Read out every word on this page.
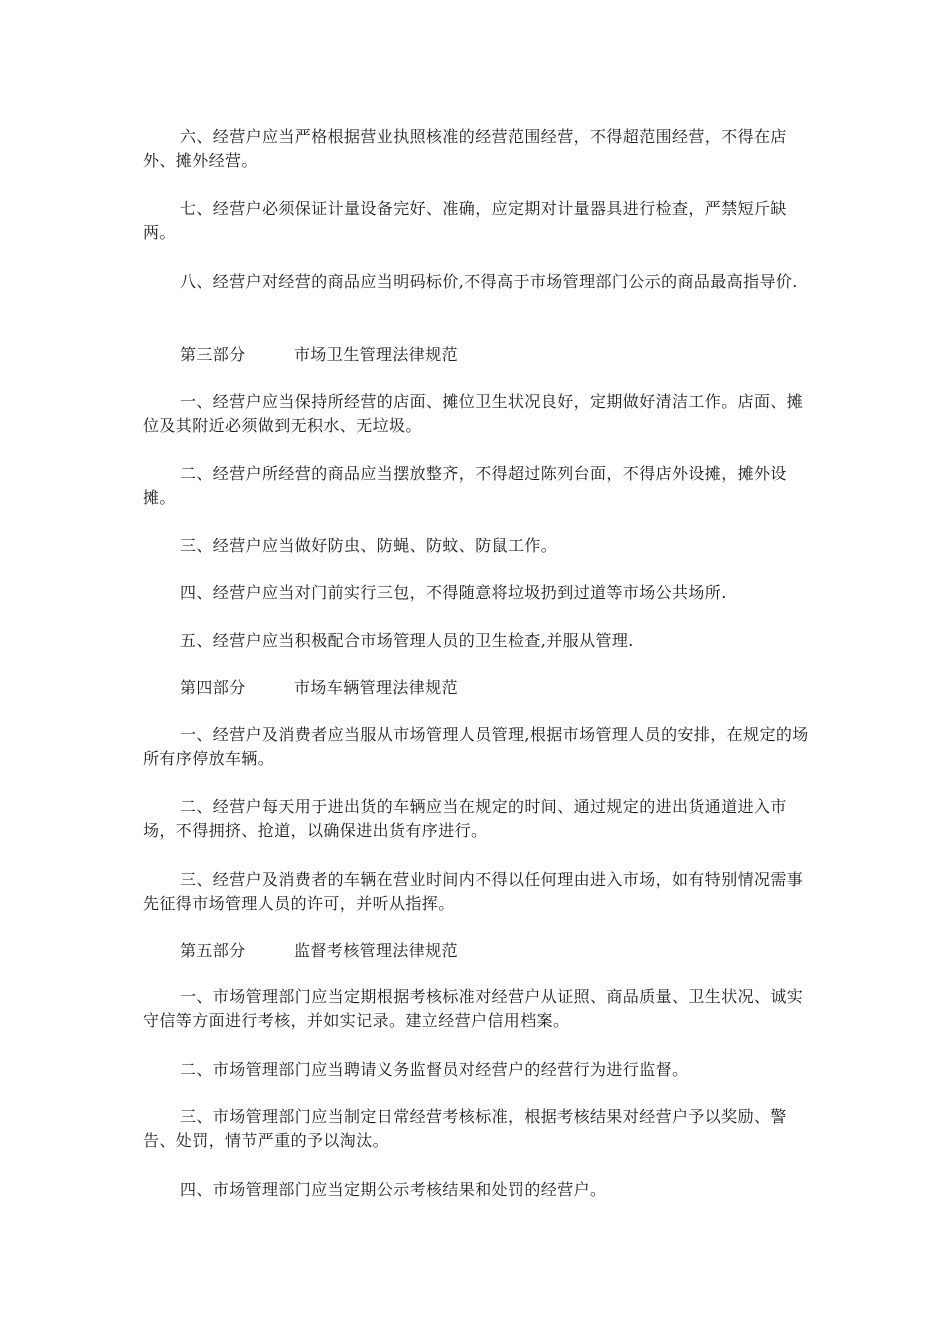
六、经营户应当严格根据营业执照核准的经营范围经营，不得超范围经营，不得在店外、摊外经营。

七、经营户必须保证计量设备完好、准确，应定期对计量器具进行检查，严禁短斤缺两。

八、经营户对经营的商品应当明码标价,不得高于市场管理部门公示的商品最高指导价.

第三部分	市场卫生管理法律规范

一、经营户应当保持所经营的店面、摊位卫生状况良好，定期做好清洁工作。店面、摊位及其附近必须做到无积水、无垃圾。

二、经营户所经营的商品应当摆放整齐，不得超过陈列台面，不得店外设摊，摊外设摊。

三、经营户应当做好防虫、防蝇、防蚊、防鼠工作。

四、经营户应当对门前实行三包，不得随意将垃圾扔到过道等市场公共场所.

五、经营户应当积极配合市场管理人员的卫生检查,并服从管理.

第四部分	市场车辆管理法律规范

一、经营户及消费者应当服从市场管理人员管理,根据市场管理人员的安排，在规定的场所有序停放车辆。

二、经营户每天用于进出货的车辆应当在规定的时间、通过规定的进出货通道进入市场，不得拥挤、抢道，以确保进出货有序进行。

三、经营户及消费者的车辆在营业时间内不得以任何理由进入市场，如有特别情况需事先征得市场管理人员的许可，并听从指挥。

第五部分	监督考核管理法律规范

一、市场管理部门应当定期根据考核标准对经营户从证照、商品质量、卫生状况、诚实守信等方面进行考核，并如实记录。建立经营户信用档案。

二、市场管理部门应当聘请义务监督员对经营户的经营行为进行监督。

三、市场管理部门应当制定日常经营考核标准，根据考核结果对经营户予以奖励、警告、处罚，情节严重的予以淘汰。

四、市场管理部门应当定期公示考核结果和处罚的经营户。
